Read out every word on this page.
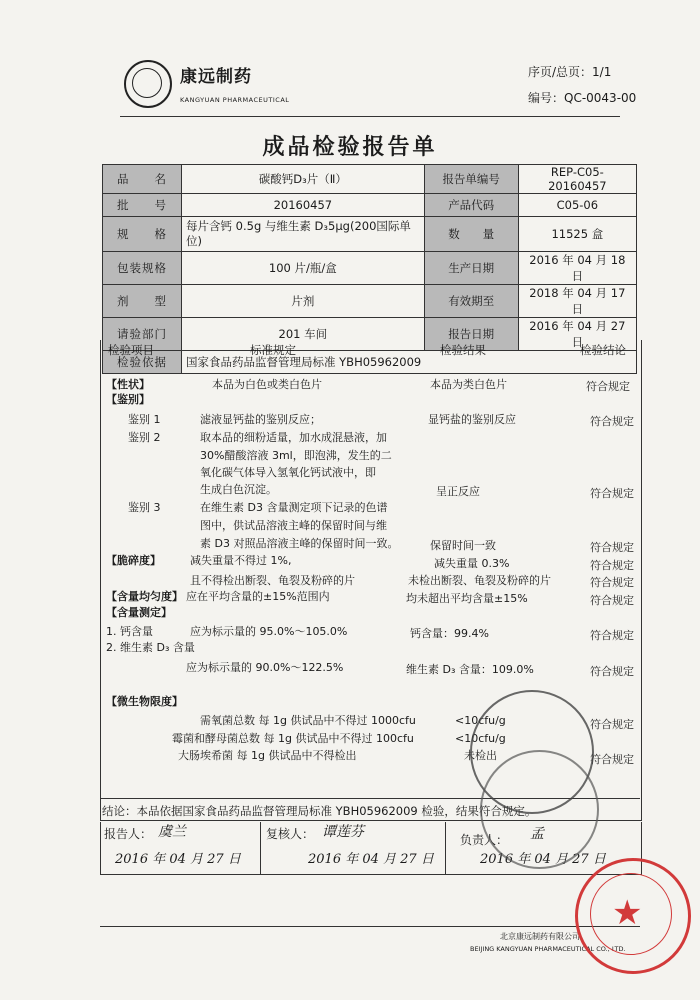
康远制药
KANGYUAN PHARMACEUTICAL
序页/总页：1/1
编号：QC-0043-00
成品检验报告单
品　　名	碳酸钙D₃片（Ⅱ）	报告单编号	REP-C05-20160457
批　　号	20160457	产品代码	C05-06
规　　格	每片含钙 0.5g 与维生素 D₃5μg(200国际单位)	数　　量	11525 盒
包装规格	100 片/瓶/盒	生产日期	2016 年 04 月 18 日
剂　　型	片剂	有效期至	2018 年 04 月 17 日
请验部门	201 车间	报告日期	2016 年 04 月 27 日
检验依据	国家食品药品监督管理局标准 YBH05962009		
检验项目	标准规定	检验结果	检验结论
【性状】	本品为白色或类白色片	本品为类白色片	符合规定
【鉴别】
鉴别 1	滤液显钙盐的鉴别反应；	显钙盐的鉴别反应	符合规定
鉴别 2	取本品的细粉适量，加水成混悬液，加
30%醋酸溶液 3ml，即泡沸，发生的二
氧化碳气体导入氢氧化钙试液中，即
生成白色沉淀。	呈正反应	符合规定
鉴别 3	在维生素 D3 含量测定项下记录的色谱
图中，供试品溶液主峰的保留时间与维
素 D3 对照品溶液主峰的保留时间一致。	保留时间一致	符合规定
【脆碎度】	减失重量不得过 1%,	减失重量 0.3%	符合规定
且不得检出断裂、龟裂及粉碎的片	未检出断裂、龟裂及粉碎的片	符合规定
【含量均匀度】 应在平均含量的±15%范围内	均未超出平均含量±15%	符合规定
【含量测定】
1. 钙含量	应为标示量的 95.0%～105.0%	钙含量：99.4%	符合规定
2. 维生素 D₃ 含量
应为标示量的 90.0%～122.5%	维生素 D₃ 含量：109.0%	符合规定
【微生物限度】
需氧菌总数 每 1g 供试品中不得过 1000cfu	<10cfu/g	符合规定
霉菌和酵母菌总数 每 1g 供试品中不得过 100cfu	<10cfu/g
大肠埃希菌 每 1g 供试品中不得检出	未检出	符合规定
结论：本品依据国家食品药品监督管理局标准 YBH05962009 检验，结果符合规定。
报告人： 虞兰	复核人： 谭莲芬	负责人： 孟
2016 年 04 月 27 日	2016 年 04 月 27 日	2016 年 04 月 27 日
北京康远制药有限公司
BEIJING KANGYUAN PHARMACEUTICAL CO., LTD.
★
